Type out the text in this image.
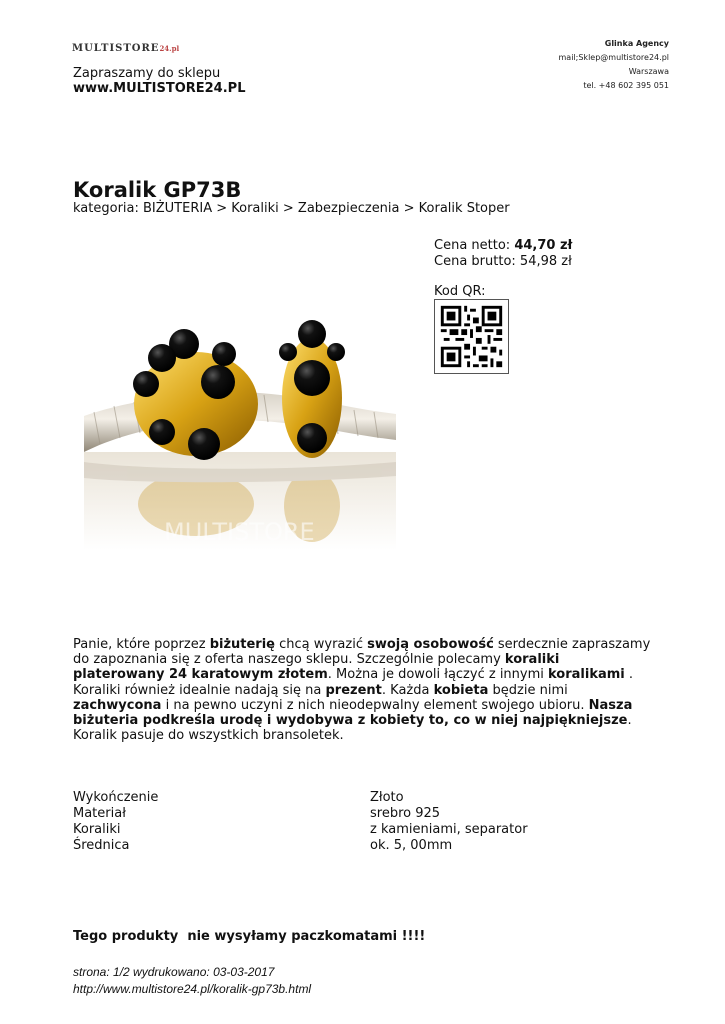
MULTISTORE24.pl
Zapraszamy do sklepu
www.MULTISTORE24.PL
Glinka Agency
mail;Sklep@multistore24.pl
Warszawa
tel. +48 602 395 051
Koralik GP73B
kategoria: BIŻUTERIA > Koraliki > Zabezpieczenia > Koralik Stoper
Cena netto: 44,70 zł
Cena brutto: 54,98 zł
Kod QR:
MULTISTORE

Panie, które poprzez biżuterię chcą wyrazić swoją osobowość serdecznie zapraszamy do zapoznania się z oferta naszego sklepu. Szczególnie polecamy koraliki platerowany 24 karatowym złotem. Można je dowoli łączyć z innymi koralikami . Koraliki również idealnie nadają się na prezent. Każda kobieta będzie nimi zachwycona i na pewno uczyni z nich nieodерwalny element swojego ubioru. Nasza biżuteria podkreśla urodę i wydobywa z kobiety to, co w niej najpiękniejsze. Koralik pasuje do wszystkich bransoletek.

Wykończenie	Złoto
Materiał	srebro 925
Koraliki	z kamieniami, separator
Średnica	ok. 5, 00mm
Tego produkty  nie wysyłamy paczkomatami !!!!
strona: 1/2 wydrukowano: 03-03-2017
http://www.multistore24.pl/koralik-gp73b.html
